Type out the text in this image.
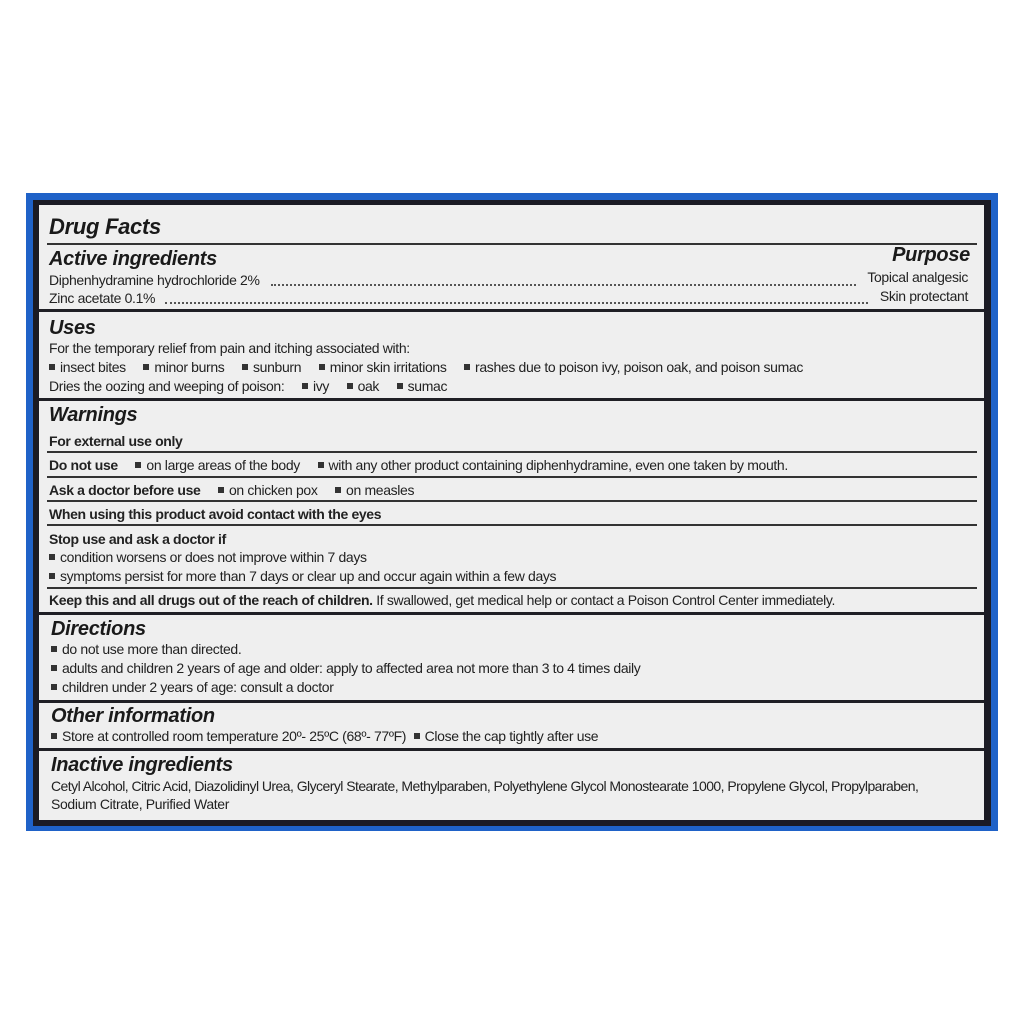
Drug Facts
Active ingredients	Purpose
Diphenhydramine hydrochloride 2%	Topical analgesic
Zinc acetate 0.1%	Skin protectant
Uses
For the temporary relief from pain and itching associated with:
insect bites minor burns sunburn minor skin irritations rashes due to poison ivy, poison oak, and poison sumac
Dries the oozing and weeping of poison: ivy oak sumac
Warnings
For external use only
Do not use on large areas of the body with any other product containing diphenhydramine, even one taken by mouth.
Ask a doctor before use on chicken pox on measles
When using this product avoid contact with the eyes
Stop use and ask a doctor if
condition worsens or does not improve within 7 days
symptoms persist for more than 7 days or clear up and occur again within a few days
Keep this and all drugs out of the reach of children. If swallowed, get medical help or contact a Poison Control Center immediately.
Directions
do not use more than directed.
adults and children 2 years of age and older: apply to affected area not more than 3 to 4 times daily
children under 2 years of age: consult a doctor
Other information
Store at controlled room temperature 20º- 25ºC (68º- 77ºF) Close the cap tightly after use
Inactive ingredients
Cetyl Alcohol, Citric Acid, Diazolidinyl Urea, Glyceryl Stearate, Methylparaben, Polyethylene Glycol Monostearate 1000, Propylene Glycol, Propylparaben,
Sodium Citrate, Purified Water
